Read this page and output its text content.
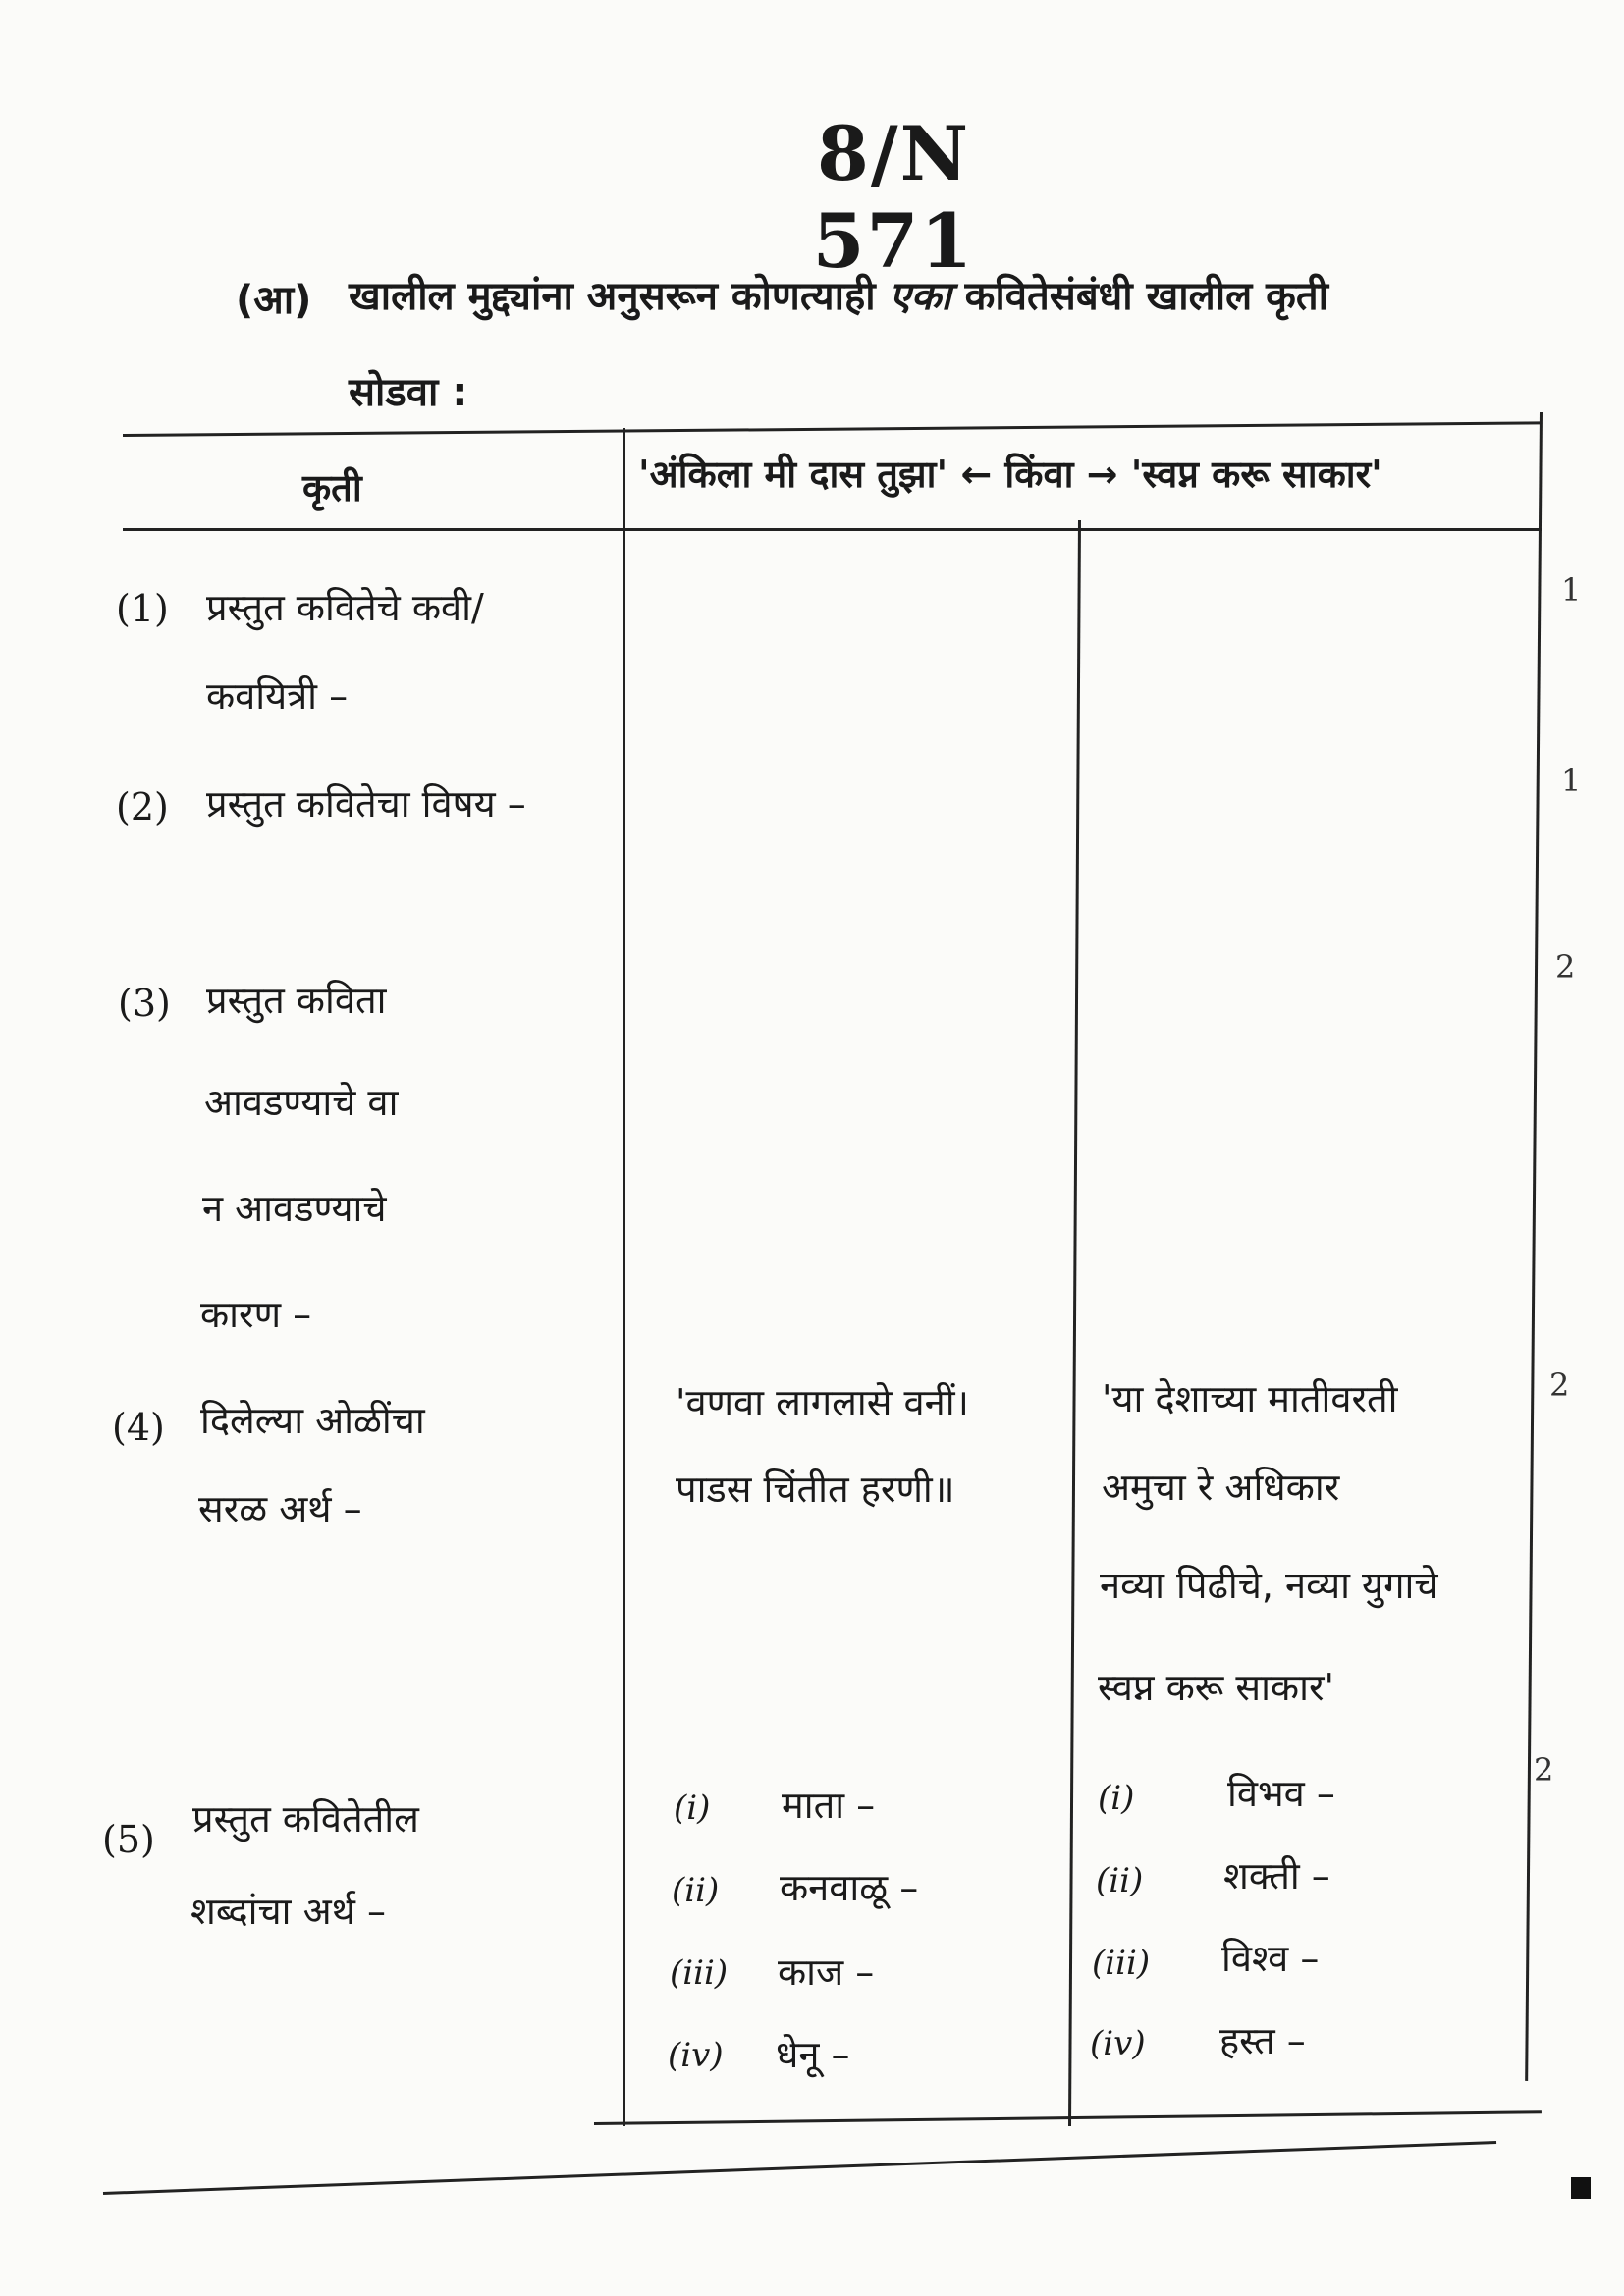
8/N 571
(आ) खालील मुद्द्यांना अनुसरून कोणत्याही एका कवितेसंबंधी खालील कृती
सोडवा :
कृती	'अंकिला मी दास तुझा' ← किंवा → 'स्वप्न करू साकार'
(1) प्रस्तुत कवितेचे कवी/
कवयित्री –
1
(2) प्रस्तुत कवितेचा विषय –
1
(3) प्रस्तुत कविता
आवडण्याचे वा
न आवडण्याचे
कारण –
2
(4) दिलेल्या ओळींचा
सरळ अर्थ –
2
'वणवा लागलासे वनीं।
पाडस चिंतीत हरणी॥
'या देशाच्या मातीवरती
अमुचा रे अधिकार
नव्या पिढीचे, नव्या युगाचे
स्वप्न करू साकार'
(5) प्रस्तुत कवितेतील
शब्दांचा अर्थ –
2
(i) माता –
(ii) कनवाळू –
(iii) काज –
(iv) धेनू –
(i) विभव –
(ii) शक्ती –
(iii) विश्व –
(iv) हस्त –
